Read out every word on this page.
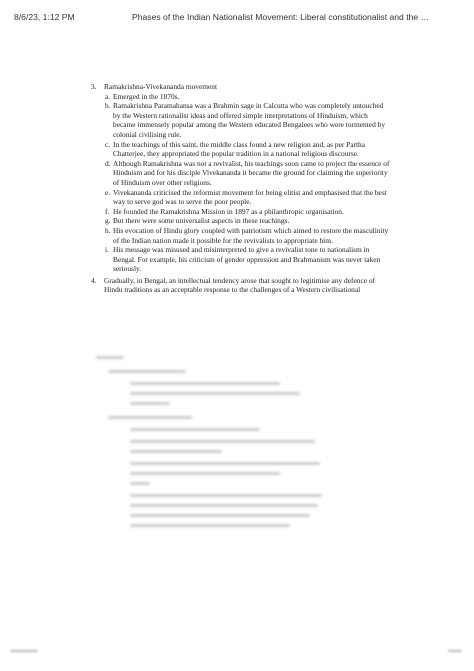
8/6/23, 1:12 PM	Phases of the Indian Nationalist Movement: Liberal constitutionalist and the …
3.	Ramakrishna-Vivekananda movement
a. Emerged in the 1870s.
b. Ramakrishna Paramahansa was a Brahmin sage in Calcutta who was completely untouched by the Western rationalist ideas and offered simple interpretations of Hinduism, which became immensely popular among the Western educated Bengalees who were tormented by colonial civilising rule.
c. In the teachings of this saint, the middle class found a new religion and, as per Partha Chatterjee, they appropriated the popular tradition in a national religious discourse.
d. Although Ramakrishna was not a revivalist, his teachings soon came to project the essence of Hinduism and for his disciple Vivekananda it became the ground for claiming the superiority of Hinduism over other religions.
e. Vivekananda criticised the reformist movement for being elitist and emphasised that the best way to serve god was to serve the poor people.
f. He founded the Ramakrishna Mission in 1897 as a philanthropic organisation.
g. But there were some universalist aspects in these teachings.
h. His evocation of Hindu glory coupled with patriotism which aimed to restore the masculinity of the Indian nation made it possible for the revivalists to appropriate him.
i. His message was misused and misinterpreted to give a revivalist tone to nationalism in Bengal. For example, his criticism of gender oppression and Brahmanism was never taken seriously.
4. Gradually, in Bengal, an intellectual tendency arose that sought to legitimise any defence of Hindu traditions as an acceptable response to the challenges of a Western civilisational
▬▬▬▬	▬▬
